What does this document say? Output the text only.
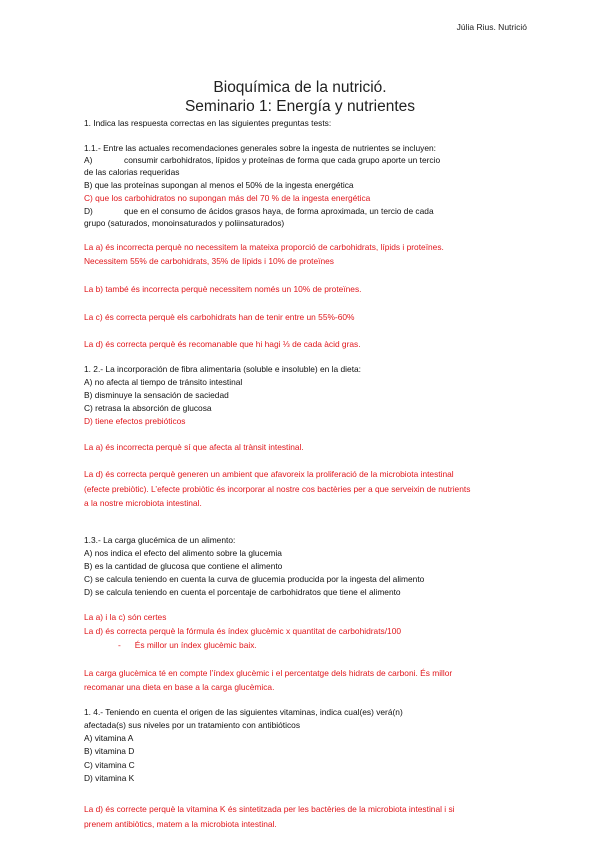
Júlia Rius. Nutrició
Bioquímica de la nutrició.
Seminario 1: Energía y nutrientes
1. Indica las respuesta correctas en las siguientes preguntas tests:
1.1.- Entre las actuales recomendaciones generales sobre la ingesta de nutrientes se incluyen:
A)	consumir carbohidratos, lípidos y proteínas de forma que cada grupo aporte un tercio
de las calorias requeridas
B) que las proteínas supongan al menos el 50% de la ingesta energética
C) que los carbohidratos no supongan más del 70 % de la ingesta energética
D)	que en el consumo de ácidos grasos haya, de forma aproximada, un tercio de cada
grupo (saturados, monoinsaturados y poliinsaturados)
La a) és incorrecta perquè no necessitem la mateixa proporció de carbohidrats, lípids i proteïnes.
Necessitem 55% de carbohidrats, 35% de lípids i 10% de proteïnes
La b) també és incorrecta perquè necessitem només un 10% de proteïnes.
La c) és correcta perquè els carbohidrats han de tenir entre un 55%-60%
La d) és correcta perquè és recomanable que hi hagi ⅓ de cada àcid gras.
1. 2.- La incorporación de fibra alimentaria (soluble e insoluble) en la dieta:
A) no afecta al tiempo de tránsito intestinal
B) disminuye la sensación de saciedad
C) retrasa la absorción de glucosa
D) tiene efectos prebióticos
La a) és incorrecta perquè sí que afecta al trànsit intestinal.
La d) és correcta perquè generen un ambient que afavoreix la proliferació de la microbiota intestinal
(efecte prebiòtic). L’efecte probiòtic és incorporar al nostre cos bactèries per a que serveixin de nutrients
a la nostre microbiota intestinal.
1.3.- La carga glucémica de un alimento:
A) nos indica el efecto del alimento sobre la glucemia
B) es la cantidad de glucosa que contiene el alimento
C) se calcula teniendo en cuenta la curva de glucemia producida por la ingesta del alimento
D) se calcula teniendo en cuenta el porcentaje de carbohidratos que tiene el alimento
La a) i la c) són certes
La d) és correcta perquè la fórmula és índex glucèmic x quantitat de carbohidrats/100
- És millor un índex glucèmic baix.
La carga glucèmica té en compte l’índex glucèmic i el percentatge dels hidrats de carboni. És millor
recomanar una dieta en base a la carga glucèmica.
1. 4.- Teniendo en cuenta el origen de las siguientes vitaminas, indica cual(es) verá(n)
afectada(s) sus niveles por un tratamiento con antibióticos
A) vitamina A
B) vitamina D
C) vitamina C
D) vitamina K
La d) és correcte perquè la vitamina K és sintetitzada per les bactèries de la microbiota intestinal i si
prenem antibiòtics, matem a la microbiota intestinal.
